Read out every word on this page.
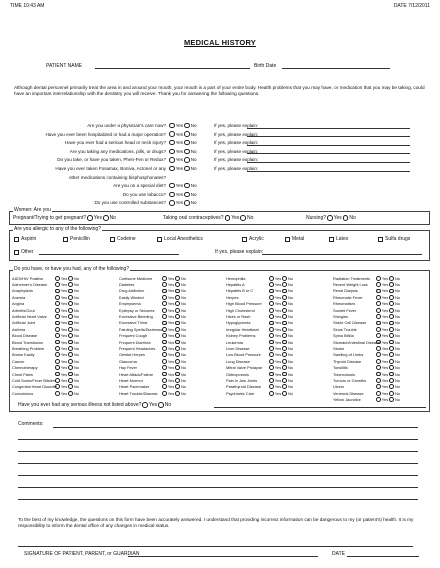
TIME 10:43 AM	DATE 7/12/2011
MEDICAL HISTORY
PATIENT NAME	Birth Date
Although dental personnel primarily treat the area in and around your mouth, your mouth is a part of your entire body. Health problems that you may have, or medication that you may be taking, could have an important interrelationship with the dentistry you will receive. Thank you for answering the following questions.
Are you under a physician's care now? Yes No	If yes, please explain:
Have you ever been hospitalized or had a major operation? Yes No	If yes, please explain:
Have you ever had a serious head or neck injury? Yes No	If yes, please explain:
Are you taking any medications, pills, or drugs? Yes No	If yes, please explain:
Do you take, or have you taken, Phen-Fen or Redux? Yes No	If yes, please explain:
Have you ever taken Fosamax, Boniva, Actonel or any Yes No	If yes, please explain:
other medications containing bisphosphonates?
Are you on a special diet? Yes No
Do you use tobacco? Yes No
Do you use controlled substances? Yes No
Women: Are you
Pregnant/Trying to get pregnant? Yes No	Taking oral contraceptives? Yes No	Nursing? Yes No
Are you allergic to any of the following?
Aspirin	Penicillin	Codeine	Local Anesthetics	Acrylic	Metal	Latex	Sulfa drugs
Other	If yes, please explain:
Do you have, or have you had, any of the following?
AIDS/HIV Positive	Yes No
Alzheimer's Disease	Yes No
Anaphylaxis	Yes No
Anemia	Yes No
Angina	Yes No
Arthritis/Gout	Yes No
Artificial Heart Valve	Yes No
Artificial Joint	Yes No
Asthma	Yes No
Blood Disease	Yes No
Blood Transfusion	Yes No
Breathing Problem	Yes No
Bruise Easily	Yes No
Cancer	Yes No
Chemotherapy	Yes No
Chest Pains	Yes No
Cold Sores/Fever Blisters Yes No
Congenital Heart Disorder Yes No
Convulsions	Yes No
Cortisone Medicine	Yes No
Diabetes	Yes No
Drug Addiction	Yes No
Easily Winded	Yes No
Emphysema	Yes No
Epilepsy or Seizures	Yes No
Excessive Bleeding	Yes No
Excessive Thirst	Yes No
Fainting Spells/Dizziness Yes No
Frequent Cough	Yes No
Frequent Diarrhea	Yes No
Frequent Headaches	Yes No
Genital Herpes	Yes No
Glaucoma	Yes No
Hay Fever	Yes No
Heart Attack/Failure	Yes No
Heart Murmur	Yes No
Heart Pacemaker	Yes No
Heart Trouble/Disease	Yes No
Hemophilia	Yes No
Hepatitis A	Yes No
Hepatitis B or C	Yes No
Herpes	Yes No
High Blood Pressure	Yes No
High Cholesterol	Yes No
Hives or Rash	Yes No
Hypoglycemia	Yes No
Irregular Heartbeat	Yes No
Kidney Problems	Yes No
Leukemia	Yes No
Liver Disease	Yes No
Low Blood Pressure	Yes No
Lung Disease	Yes No
Mitral Valve Prolapse	Yes No
Osteoporosis	Yes No
Pain in Jaw Joints	Yes No
Parathyroid Disease	Yes No
Psychiatric Care	Yes No
Radiation Treatments	Yes No
Recent Weight Loss	Yes No
Renal Dialysis	Yes No
Rheumatic Fever	Yes No
Rheumatism	Yes No
Scarlet Fever	Yes No
Shingles	Yes No
Sickle Cell Disease	Yes No
Sinus Trouble	Yes No
Spina Bifida	Yes No
Stomach/Intestinal Disease Yes No
Stroke	Yes No
Swelling of Limbs	Yes No
Thyroid Disease	Yes No
Tonsilitis	Yes No
Tuberculosis	Yes No
Tumors or Growths	Yes No
Ulcers	Yes No
Venereal Disease	Yes No
Yellow Jaundice	Yes No
Have you ever had any serious illness not listed above? Yes No
Comments:
To the best of my knowledge, the questions on this form have been accurately answered. I understand that providing incorrect information can be dangerous to my (or patient's) health. It is my responsibility to inform the dental office of any changes in medical status.
SIGNATURE OF PATIENT, PARENT, or GUARDIAN	DATE
